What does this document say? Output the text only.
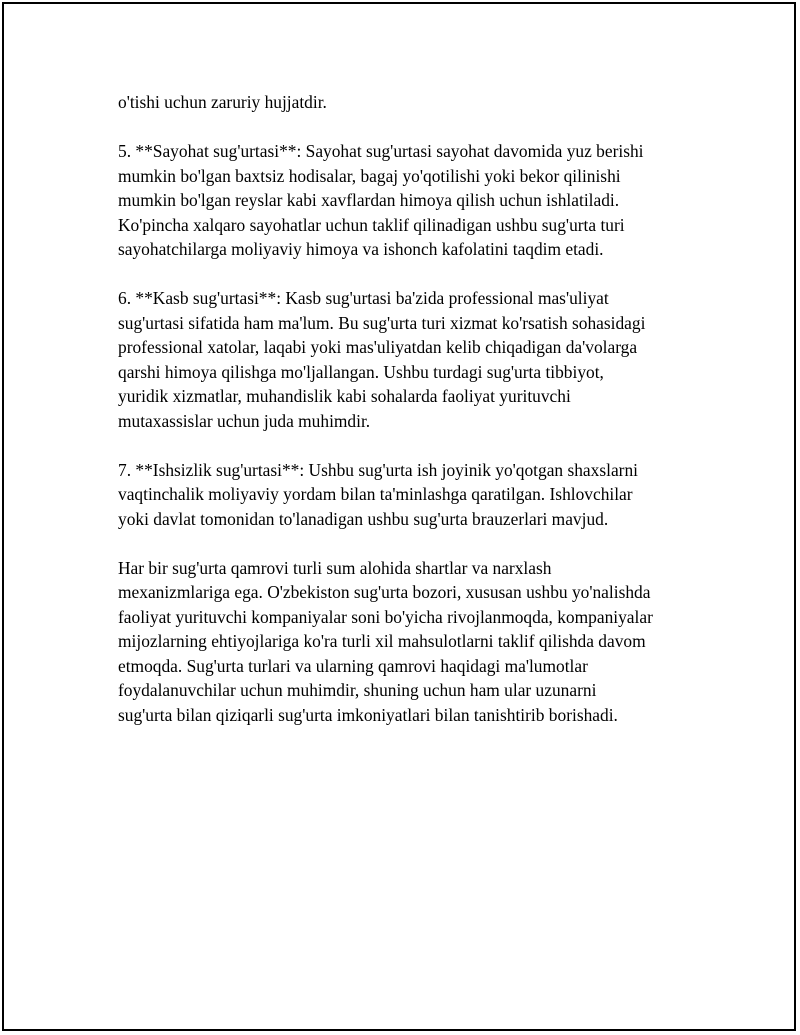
o'tishi uchun zaruriy hujjatdir.

5. **Sayohat sug'urtasi**: Sayohat sug'urtasi sayohat davomida yuz berishi
mumkin bo'lgan baxtsiz hodisalar, bagaj yo'qotilishi yoki bekor qilinishi
mumkin bo'lgan reyslar kabi xavflardan himoya qilish uchun ishlatiladi.
Ko'pincha xalqaro sayohatlar uchun taklif qilinadigan ushbu sug'urta turi
sayohatchilarga moliyaviy himoya va ishonch kafolatini taqdim etadi.

6. **Kasb sug'urtasi**: Kasb sug'urtasi ba'zida professional mas'uliyat
sug'urtasi sifatida ham ma'lum. Bu sug'urta turi xizmat ko'rsatish sohasidagi
professional xatolar, laqabi yoki mas'uliyatdan kelib chiqadigan da'volarga
qarshi himoya qilishga mo'ljallangan. Ushbu turdagi sug'urta tibbiyot,
yuridik xizmatlar, muhandislik kabi sohalarda faoliyat yurituvchi
mutaxassislar uchun juda muhimdir.

7. **Ishsizlik sug'urtasi**: Ushbu sug'urta ish joyinik yo'qotgan shaxslarni
vaqtinchalik moliyaviy yordam bilan ta'minlashga qaratilgan. Ishlovchilar
yoki davlat tomonidan to'lanadigan ushbu sug'urta brauzerlari mavjud.

Har bir sug'urta qamrovi turli sum alohida shartlar va narxlash
mexanizmlariga ega. O'zbekiston sug'urta bozori, xususan ushbu yo'nalishda
faoliyat yurituvchi kompaniyalar soni bo'yicha rivojlanmoqda, kompaniyalar
mijozlarning ehtiyojlariga ko'ra turli xil mahsulotlarni taklif qilishda davom
etmoqda. Sug'urta turlari va ularning qamrovi haqidagi ma'lumotlar
foydalanuvchilar uchun muhimdir, shuning uchun ham ular uzunarni
sug'urta bilan qiziqarli sug'urta imkoniyatlari bilan tanishtirib borishadi.
